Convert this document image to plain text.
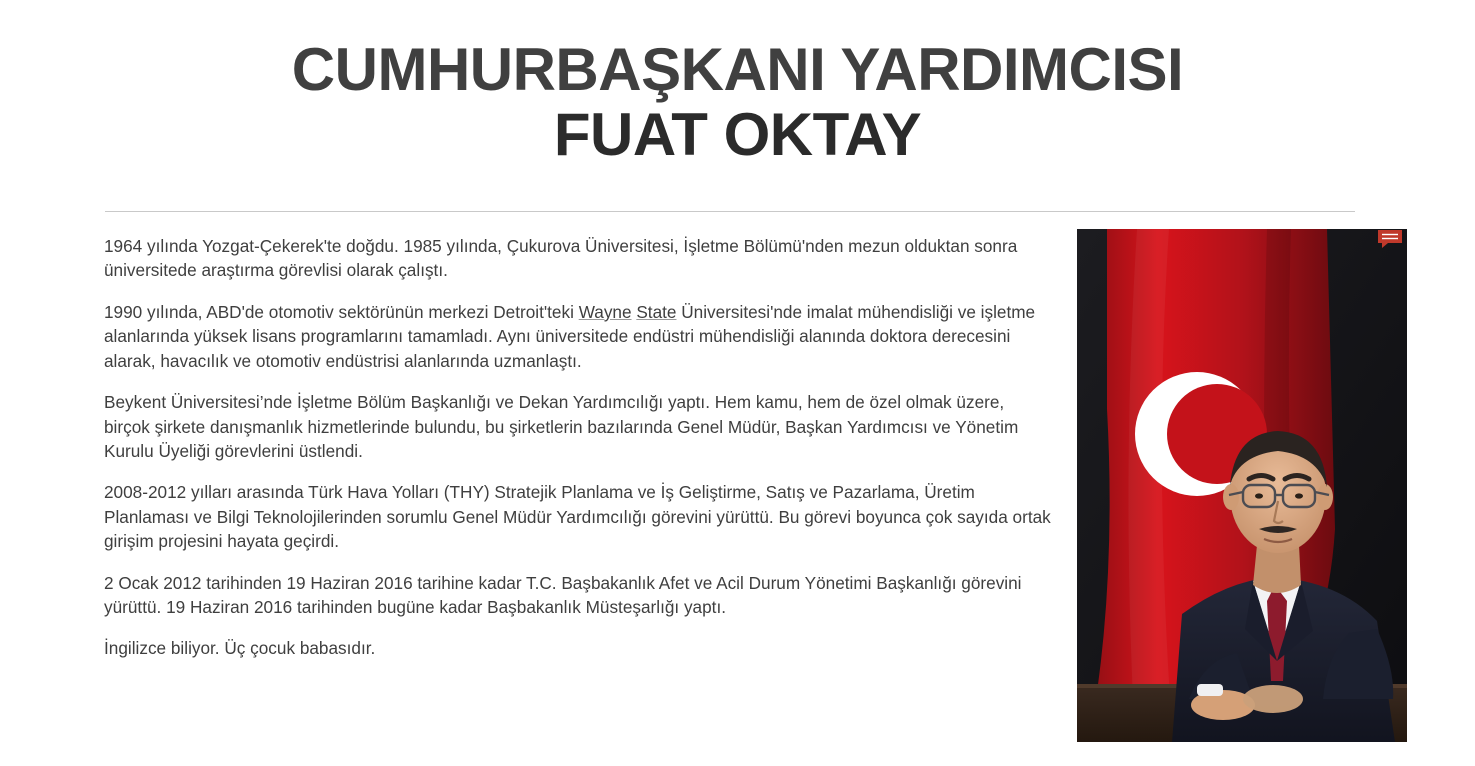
CUMHURBAŞKANI YARDIMCISI
FUAT OKTAY

1964 yılında Yozgat-Çekerek'te doğdu. 1985 yılında, Çukurova Üniversitesi, İşletme Bölümü'nden mezun olduktan sonra üniversitede araştırma görevlisi olarak çalıştı.

1990 yılında, ABD'de otomotiv sektörünün merkezi Detroit'teki Wayne State Üniversitesi'nde imalat mühendisliği ve işletme alanlarında yüksek lisans programlarını tamamladı. Aynı üniversitede endüstri mühendisliği alanında doktora derecesini alarak, havacılık ve otomotiv endüstrisi alanlarında uzmanlaştı.

Beykent Üniversitesi’nde İşletme Bölüm Başkanlığı ve Dekan Yardımcılığı yaptı. Hem kamu, hem de özel olmak üzere, birçok şirkete danışmanlık hizmetlerinde bulundu, bu şirketlerin bazılarında Genel Müdür, Başkan Yardımcısı ve Yönetim Kurulu Üyeliği görevlerini üstlendi.

2008-2012 yılları arasında Türk Hava Yolları (THY) Stratejik Planlama ve İş Geliştirme, Satış ve Pazarlama, Üretim Planlaması ve Bilgi Teknolojilerinden sorumlu Genel Müdür Yardımcılığı görevini yürüttü. Bu görevi boyunca çok sayıda ortak girişim projesini hayata geçirdi.

2 Ocak 2012 tarihinden 19 Haziran 2016 tarihine kadar T.C. Başbakanlık Afet ve Acil Durum Yönetimi Başkanlığı görevini yürüttü. 19 Haziran 2016 tarihinden bugüne kadar Başbakanlık Müsteşarlığı yaptı.

İngilizce biliyor. Üç çocuk babasıdır.
